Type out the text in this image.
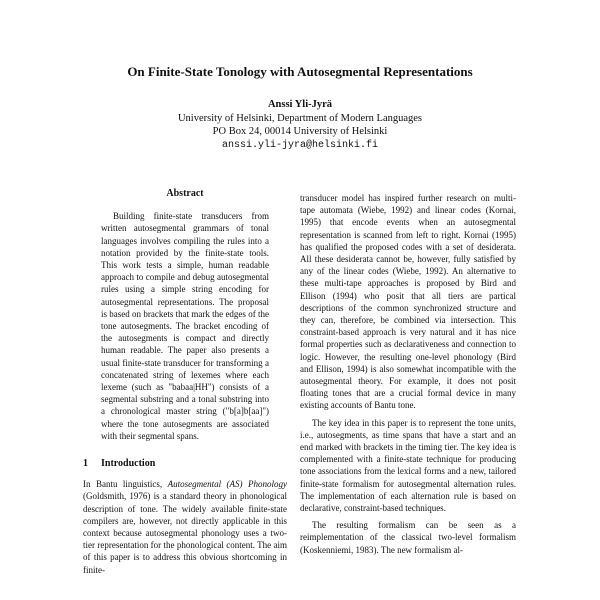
On Finite-State Tonology with Autosegmental Representations
Anssi Yli-Jyrä
University of Helsinki, Department of Modern Languages
PO Box 24, 00014 University of Helsinki
anssi.yli-jyra@helsinki.fi
Abstract

Building finite-state transducers from written autosegmental grammars of tonal languages involves compiling the rules into a notation provided by the finite-state tools. This work tests a simple, human readable approach to compile and debug autosegmental rules using a simple string encoding for autosegmental representations. The proposal is based on brackets that mark the edges of the tone autosegments. The bracket encoding of the autosegments is compact and directly human readable. The paper also presents a usual finite-state transducer for transforming a concatenated string of lexemes where each lexeme (such as "babaa|HH") consists of a segmental substring and a tonal substring into a chronological master string ("b[a]b[aa]") where the tone autosegments are associated with their segmental spans.

1 Introduction

In Bantu linguistics, Autosegmental (AS) Phonology (Goldsmith, 1976) is a standard theory in phonological description of tone. The widely available finite-state compilers are, however, not directly applicable in this context because autosegmental phonology uses a two-tier representation for the phonological content. The aim of this paper is to address this obvious shortcoming in finite-

transducer model has inspired further research on multi-tape automata (Wiebe, 1992) and linear codes (Kornai, 1995) that encode events when an autosegmental representation is scanned from left to right. Kornai (1995) has qualified the proposed codes with a set of desiderata. All these desiderata cannot be, however, fully satisfied by any of the linear codes (Wiebe, 1992). An alternative to these multi-tape approaches is proposed by Bird and Ellison (1994) who posit that all tiers are partical descriptions of the common synchronized structure and they can, therefore, be combined via intersection. This constraint-based approach is very natural and it has nice formal properties such as declarativeness and connection to logic. However, the resulting one-level phonology (Bird and Ellison, 1994) is also somewhat incompatible with the autosegmental theory. For example, it does not posit floating tones that are a crucial formal device in many existing accounts of Bantu tone.

The key idea in this paper is to represent the tone units, i.e., autosegments, as time spans that have a start and an end marked with brackets in the timing tier. The key idea is complemented with a finite-state technique for producing tone associations from the lexical forms and a new, tailored finite-state formalism for autosegmental alternation rules. The implementation of each alternation rule is based on declarative, constraint-based techniques.

The resulting formalism can be seen as a reimplementation of the classical two-level formalism (Koskenniemi, 1983). The new formalism al-
